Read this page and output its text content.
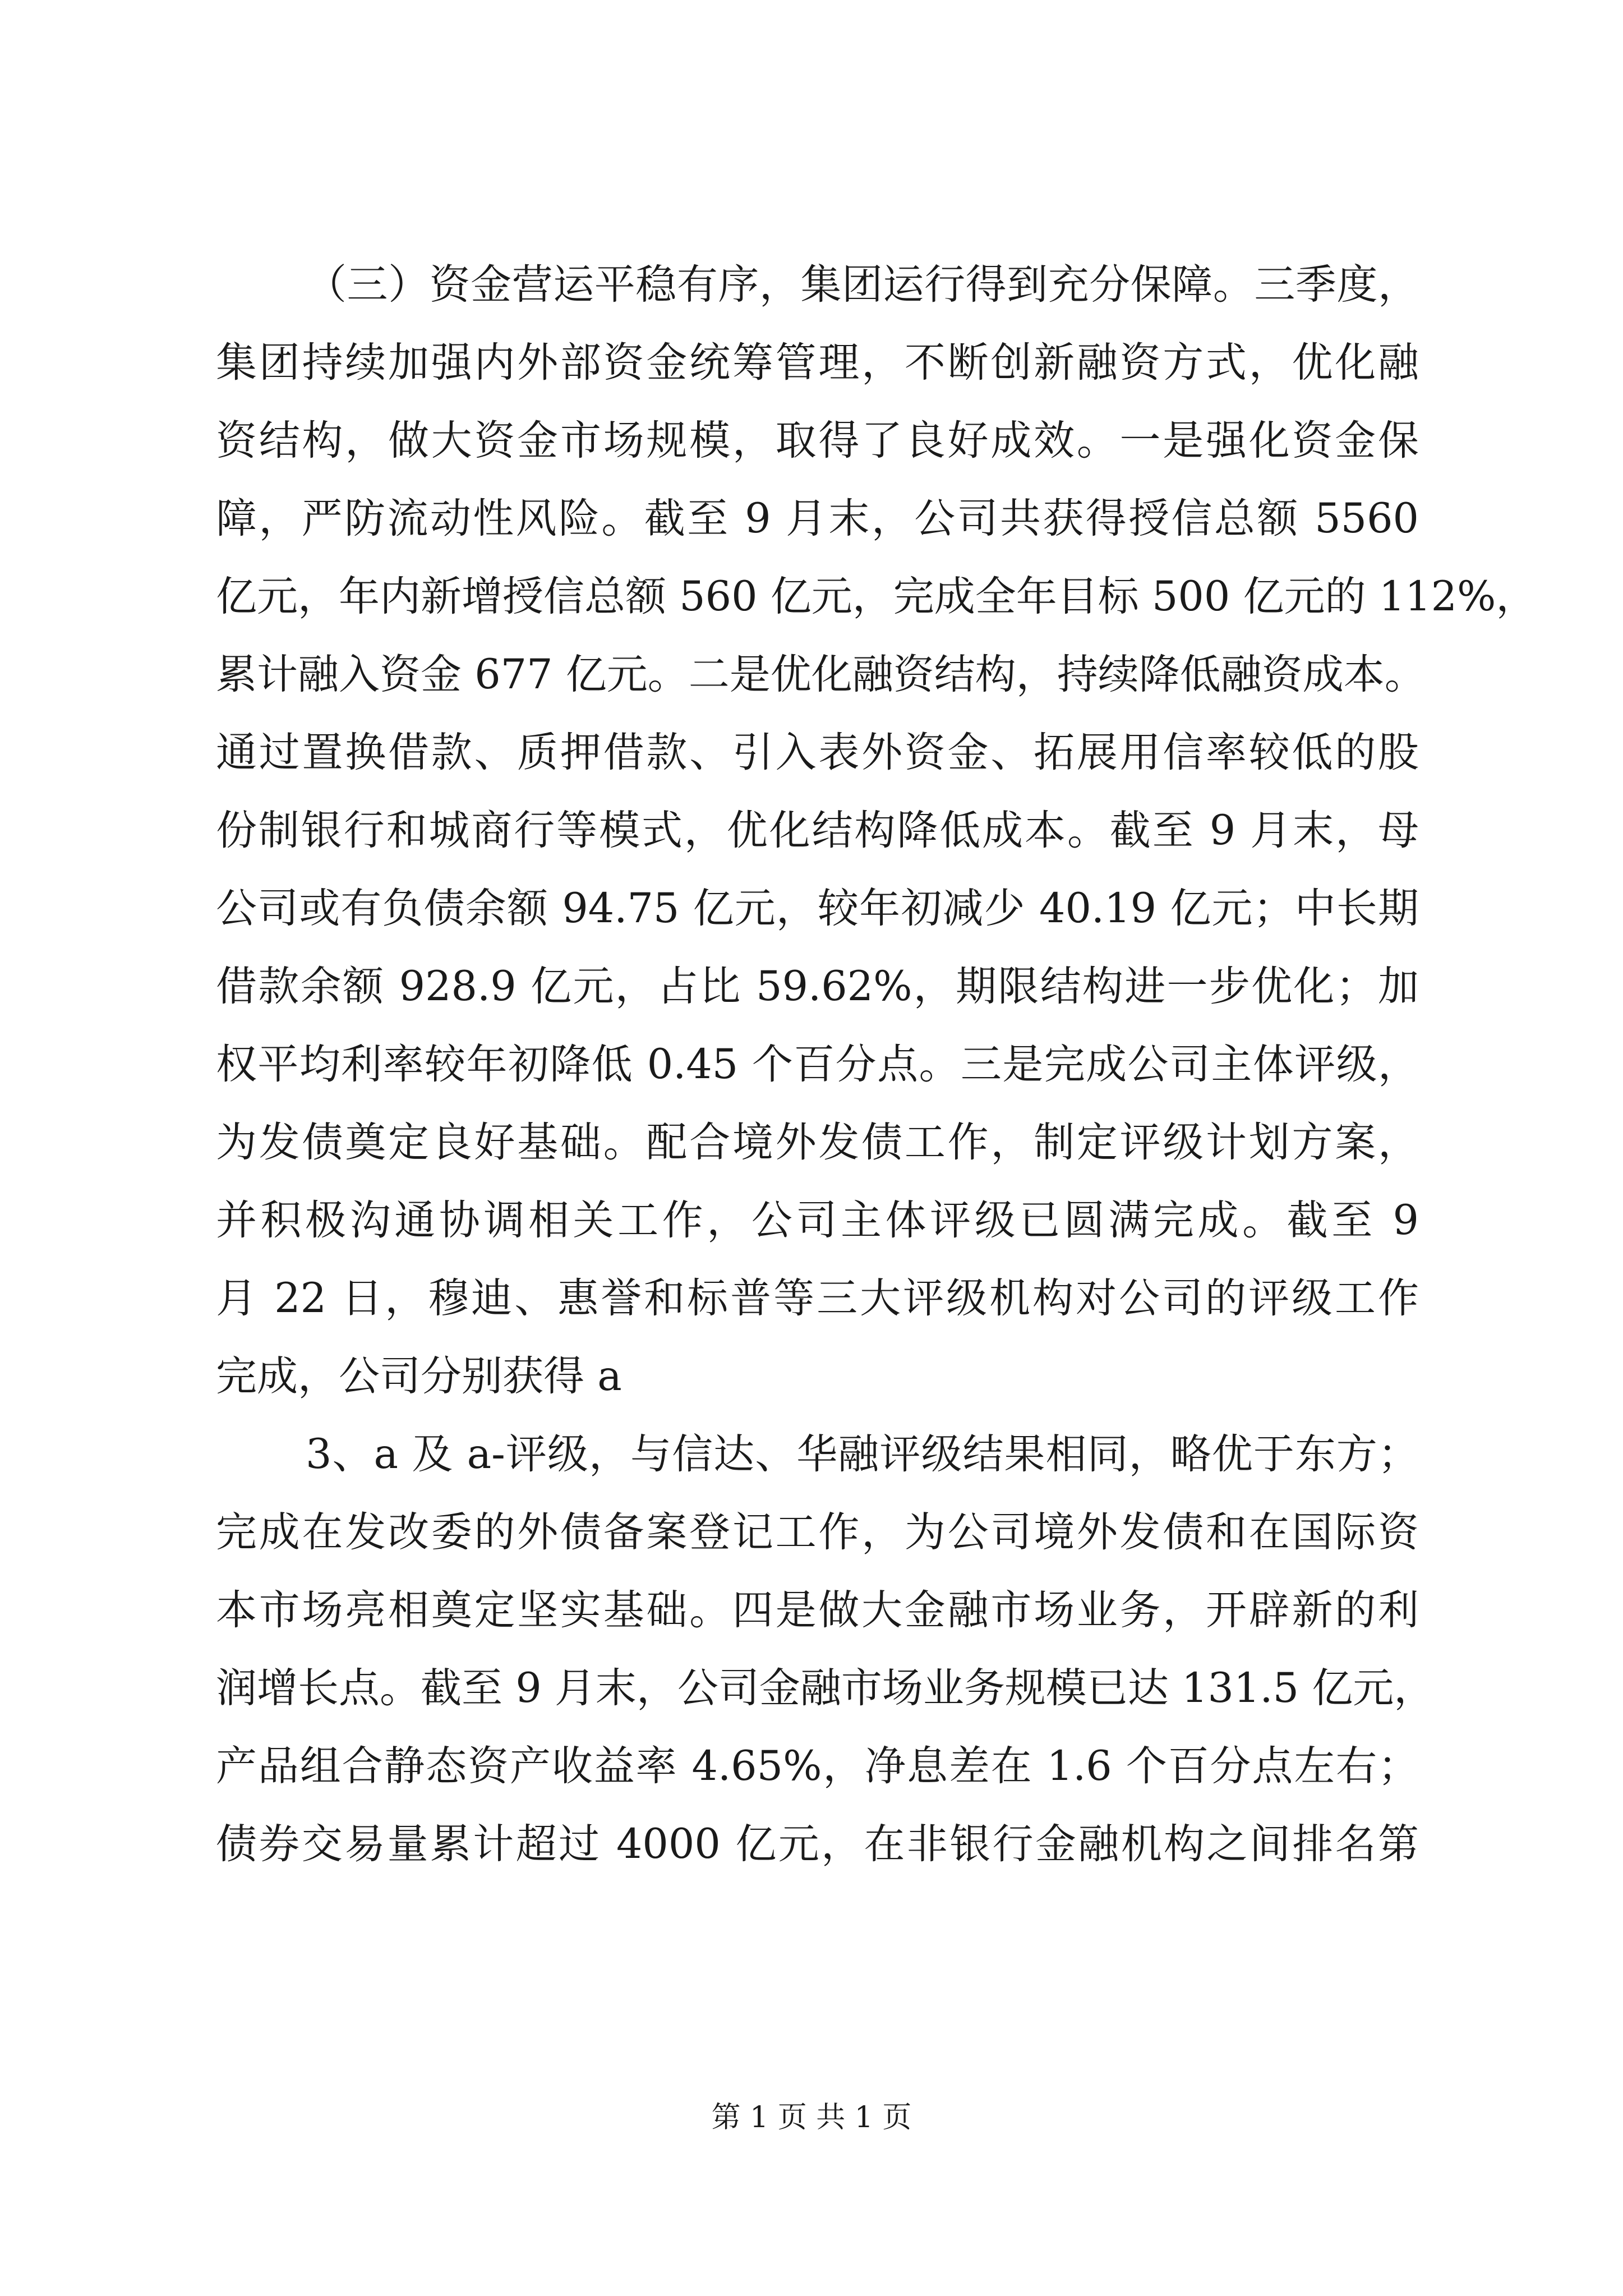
（三）资金营运平稳有序，集团运行得到充分保障。三季度，
集团持续加强内外部资金统筹管理，不断创新融资方式，优化融
资结构，做大资金市场规模，取得了良好成效。一是强化资金保
障，严防流动性风险。截至 9 月末，公司共获得授信总额 5560
亿元，年内新增授信总额 560 亿元，完成全年目标 500 亿元的 112%，
累计融入资金 677 亿元。二是优化融资结构，持续降低融资成本。
通过置换借款、质押借款、引入表外资金、拓展用信率较低的股
份制银行和城商行等模式，优化结构降低成本。截至 9 月末，母
公司或有负债余额 94.75 亿元，较年初减少 40.19 亿元；中长期
借款余额 928.9 亿元，占比 59.62%，期限结构进一步优化；加
权平均利率较年初降低 0.45 个百分点。三是完成公司主体评级，
为发债奠定良好基础。配合境外发债工作，制定评级计划方案，
并积极沟通协调相关工作，公司主体评级已圆满完成。截至 9
月 22 日，穆迪、惠誉和标普等三大评级机构对公司的评级工作
完成，公司分别获得 a
3、a 及 a-评级，与信达、华融评级结果相同，略优于东方；
完成在发改委的外债备案登记工作，为公司境外发债和在国际资
本市场亮相奠定坚实基础。四是做大金融市场业务，开辟新的利
润增长点。截至 9 月末，公司金融市场业务规模已达 131.5 亿元，
产品组合静态资产收益率 4.65%，净息差在 1.6 个百分点左右；
债券交易量累计超过 4000 亿元，在非银行金融机构之间排名第
第 1 页 共 1 页
